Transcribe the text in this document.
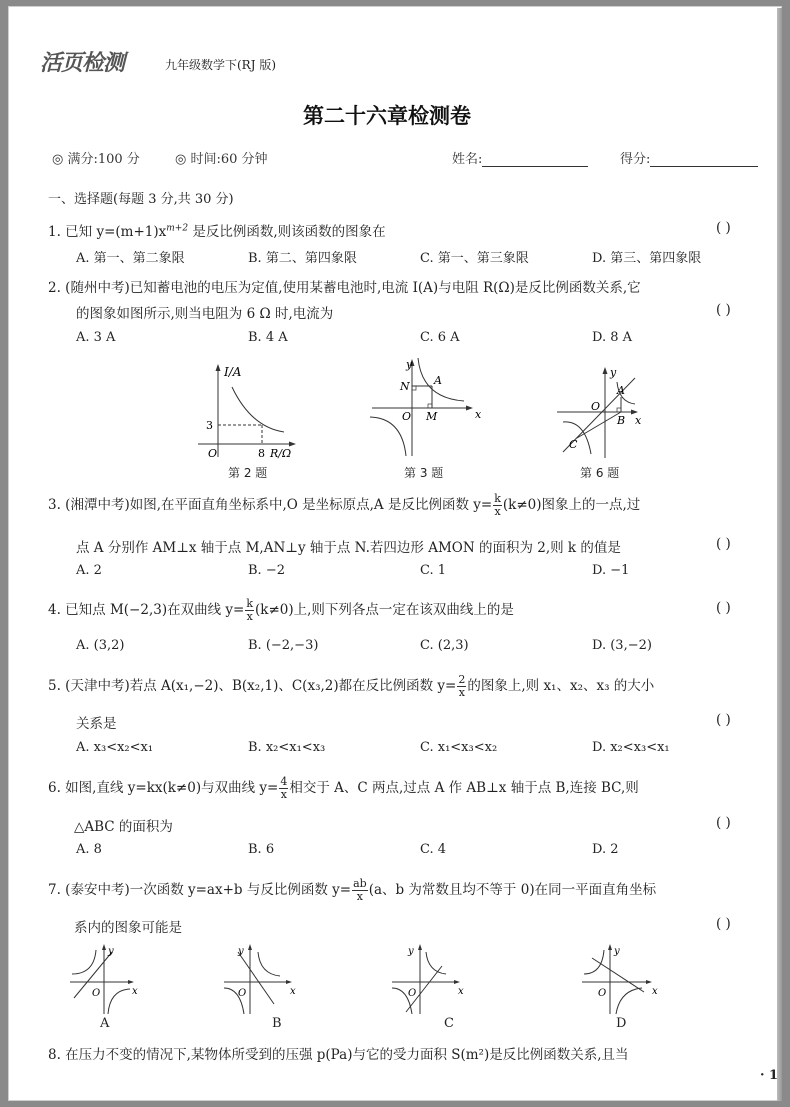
活页检测	九年级数学下(RJ 版)
第二十六章检测卷
◎ 满分:100 分	◎ 时间:60 分钟	姓名:	得分:
一、选择题(每题 3 分,共 30 分)
1. 已知 $y=(m+1)x^{m+2}$ 是反比例函数,则该函数的图象在	( )
A. 第一、第二象限	B. 第二、第四象限	C. 第一、第三象限	D. 第三、第四象限
2. (随州中考)已知蓄电池的电压为定值,使用某蓄电池时,电流 I(A)与电阻 R(Ω)是反比例函数关系,它
的图象如图所示,则当电阻为 6 Ω 时,电流为	( )
A. 3 A	B. 4 A	C. 6 A	D. 8 A
I/A
3
O	8 R/Ω
第 2 题
y
x
N A
O M
第 3 题
y
x
A
O
B
C
第 6 题
3. (湘潭中考)如图,在平面直角坐标系中,O 是坐标原点,A 是反比例函数 $y= \frac{k}{x} (k\ne 0)$图象上的一点,过
点 A 分别作 AM⊥x 轴于点 M,AN⊥y 轴于点 N.若四边形 AMON 的面积为 2,则 k 的值是	( )
A. 2	B. −2	C. 1	D. −1
4. 已知点 M(−2,3)在双曲线 $y= \frac{k}{x} (k\ne 0)$上,则下列各点一定在该双曲线上的是	( )
A. (3,2)	B. (−2,−3)	C. (2,3)	D. (3,−2)
5. (天津中考)若点 A(x₁,−2)、B(x₂,1)、C(x₃,2)都在反比例函数 $y= \frac{2}{x}$ 的图象上,则 x₁、x₂、x₃ 的大小
关系是	( )
A. x₃<x₂<x₁	B. x₂<x₁<x₃	C. x₁<x₃<x₂	D. x₂<x₃<x₁
6. 如图,直线 y=kx(k≠0)与双曲线 $y= \frac{4}{x}$ 相交于 A、C 两点,过点 A 作 AB⊥x 轴于点 B,连接 BC,则
△ABC 的面积为	( )
A. 8	B. 6	C. 4	D. 2
7. (泰安中考)一次函数 y=ax+b 与反比例函数 $y= \frac{ab}{x} (a$、b 为常数且均不等于 0)在同一平面直角坐标
系内的图象可能是	( )
y
x
O
A
y
x
O
B
y
x
O
C
y
x
O
D
8. 在压力不变的情况下,某物体所受到的压强 p(Pa)与它的受力面积 S(m²)是反比例函数关系,且当
· 1
